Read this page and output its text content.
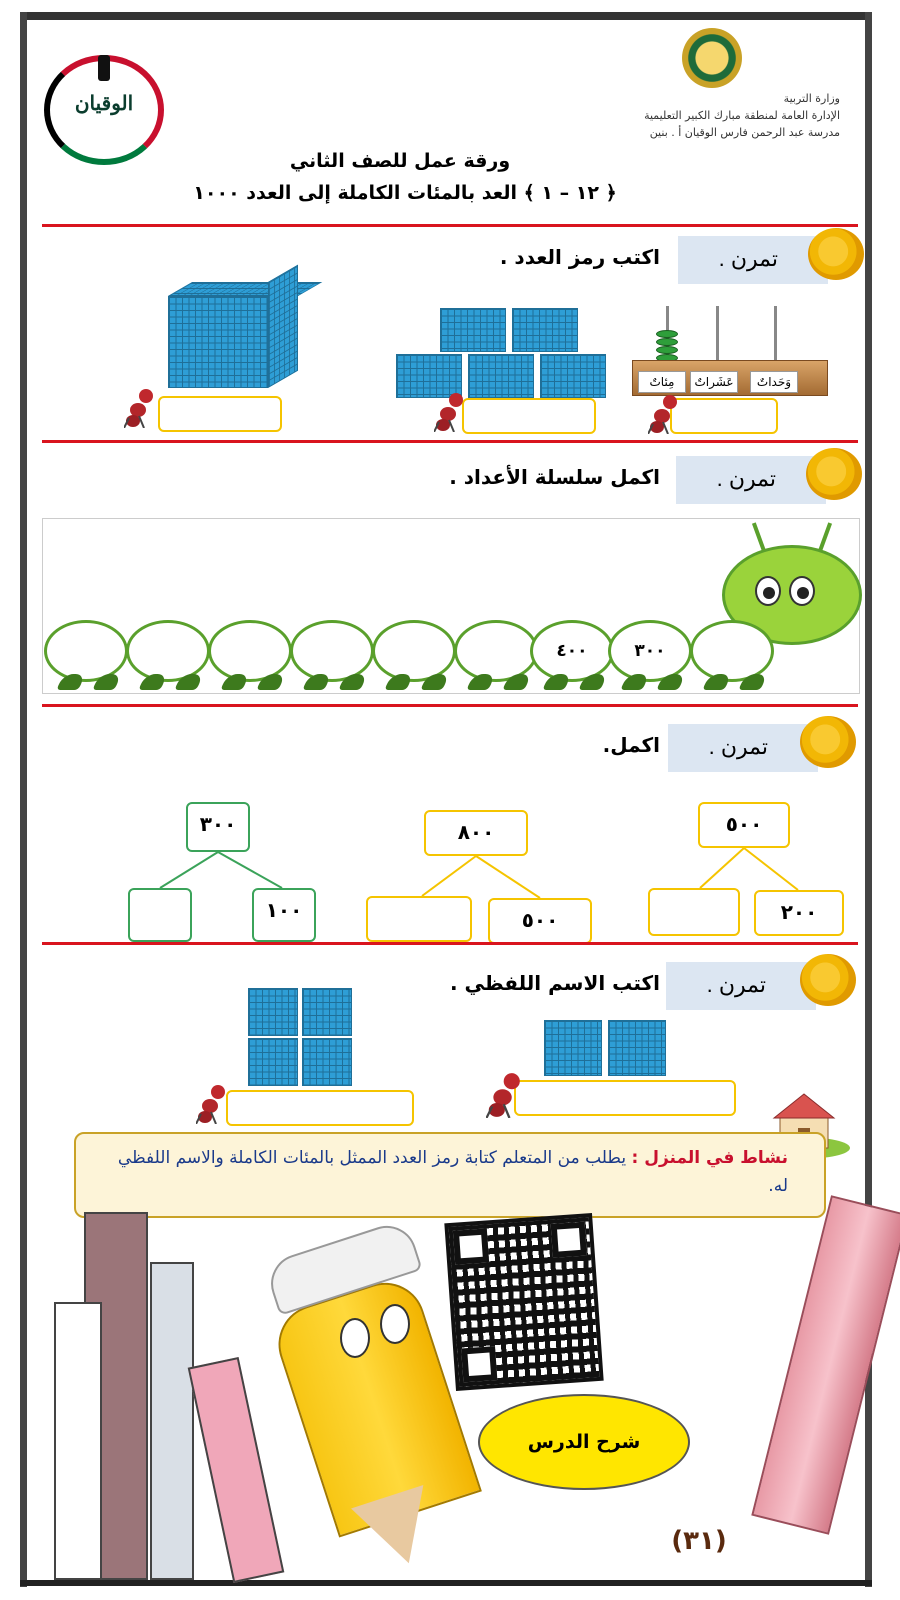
وزارة التربية
الإدارة العامة لمنطقة مبارك الكبير التعليمية
مدرسة عبد الرحمن فارس الوقيان أ . بنين
الوقيان
ورقة عمل للصف الثاني
﴿ ١٢ – ١ ﴾ العد بالمئات الكاملة إلى العدد ١٠٠٠
تمرن .
اكتب رمز العدد .
مِئاتٌ	عَشَراتٌ	وَحَداتٌ
تمرن .
اكمل سلسلة الأعداد .
٤٠٠	٣٠٠
تمرن .
اكمل.
٥٠٠
٢٠٠
٨٠٠
٥٠٠
٣٠٠
١٠٠
تمرن .
اكتب الاسم اللفظي .
نشاط في المنزل : يطلب من المتعلم كتابة رمز العدد الممثل بالمئات الكاملة والاسم اللفظي له.
شرح الدرس
(٣١)
